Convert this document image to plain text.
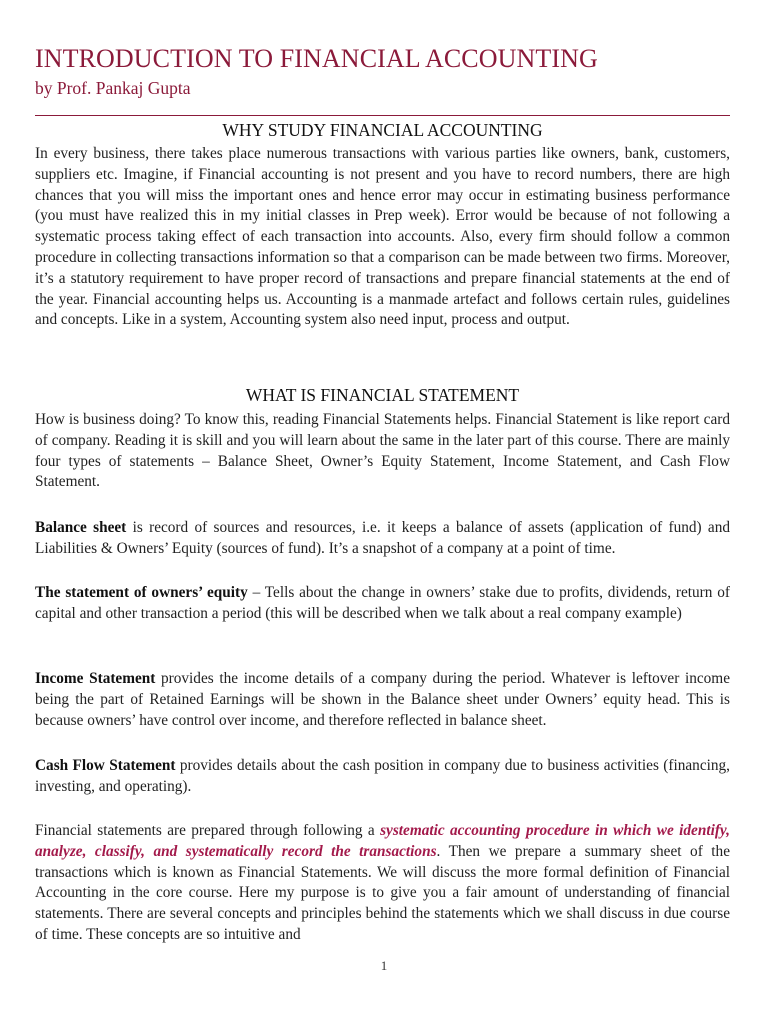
INTRODUCTION TO FINANCIAL ACCOUNTING
by Prof. Pankaj Gupta
WHY STUDY FINANCIAL ACCOUNTING

In every business, there takes place numerous transactions with various parties like owners, bank, customers, suppliers etc. Imagine, if Financial accounting is not present and you have to record numbers, there are high chances that you will miss the important ones and hence error may occur in estimating business performance (you must have realized this in my initial classes in Prep week). Error would be because of not following a systematic process taking effect of each transaction into accounts. Also, every firm should follow a common procedure in collecting transactions information so that a comparison can be made between two firms. Moreover, it’s a statutory requirement to have proper record of transactions and prepare financial statements at the end of the year. Financial accounting helps us. Accounting is a manmade artefact and follows certain rules, guidelines and concepts. Like in a system, Accounting system also need input, process and output.

WHAT IS FINANCIAL STATEMENT

How is business doing? To know this, reading Financial Statements helps. Financial Statement is like report card of company. Reading it is skill and you will learn about the same in the later part of this course. There are mainly four types of statements – Balance Sheet, Owner’s Equity Statement, Income Statement, and Cash Flow Statement.

Balance sheet is record of sources and resources, i.e. it keeps a balance of assets (application of fund) and Liabilities & Owners’ Equity (sources of fund). It’s a snapshot of a company at a point of time.

The statement of owners’ equity – Tells about the change in owners’ stake due to profits, dividends, return of capital and other transaction a period (this will be described when we talk about a real company example)

Income Statement provides the income details of a company during the period. Whatever is leftover income being the part of Retained Earnings will be shown in the Balance sheet under Owners’ equity head. This is because owners’ have control over income, and therefore reflected in balance sheet.

Cash Flow Statement provides details about the cash position in company due to business activities (financing, investing, and operating).

Financial statements are prepared through following a systematic accounting procedure in which we identify, analyze, classify, and systematically record the transactions. Then we prepare a summary sheet of the transactions which is known as Financial Statements. We will discuss the more formal definition of Financial Accounting in the core course. Here my purpose is to give you a fair amount of understanding of financial statements. There are several concepts and principles behind the statements which we shall discuss in due course of time. These concepts are so intuitive and

1
